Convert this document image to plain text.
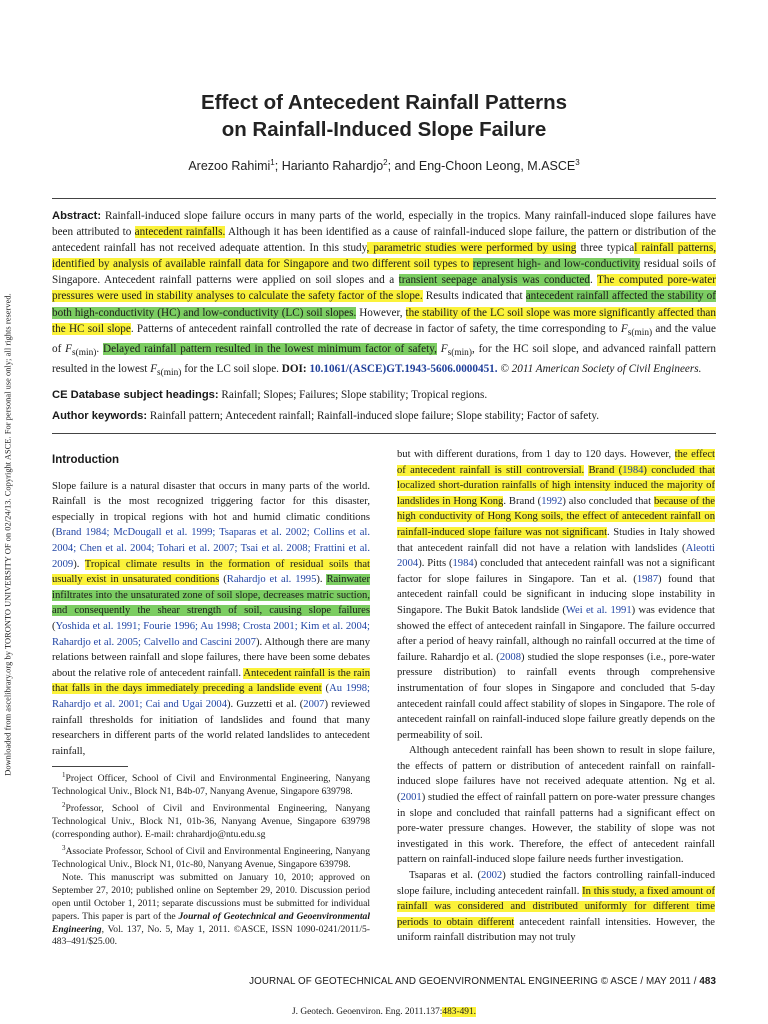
Downloaded from ascelibrary.org by TORONTO UNIVERSITY OF on 02/24/13. Copyright ASCE. For personal use only; all rights reserved.
Effect of Antecedent Rainfall Patterns
on Rainfall-Induced Slope Failure
Arezoo Rahimi$^1$; Harianto Rahardjo$^2$; and Eng-Choon Leong, M.ASCE$^3$
Abstract: Rainfall-induced slope failure occurs in many parts of the world, especially in the tropics. Many rainfall-induced slope failures have been attributed to antecedent rainfalls. Although it has been identified as a cause of rainfall-induced slope failure, the pattern or distribution of the antecedent rainfall has not received adequate attention. In this study, parametric studies were performed by using three typical rainfall patterns, identified by analysis of available rainfall data for Singapore and two different soil types to represent high- and low-conductivity residual soils of Singapore. Antecedent rainfall patterns were applied on soil slopes and a transient seepage analysis was conducted. The computed pore-water pressures were used in stability analyses to calculate the safety factor of the slope. Results indicated that antecedent rainfall affected the stability of both high-conductivity (HC) and low-conductivity (LC) soil slopes. However, the stability of the LC soil slope was more significantly affected than the HC soil slope. Patterns of antecedent rainfall controlled the rate of decrease in factor of safety, the time corresponding to $F_{s(min)}$ and the value of $F_{s(min)}$. Delayed rainfall pattern resulted in the lowest minimum factor of safety, $F_{s(min)}$, for the HC soil slope, and advanced rainfall pattern resulted in the lowest $F_{s(min)}$ for the LC soil slope. DOI: 10.1061/(ASCE)GT.1943-5606.0000451. © 2011 American Society of Civil Engineers.
CE Database subject headings: Rainfall; Slopes; Failures; Slope stability; Tropical regions.
Author keywords: Rainfall pattern; Antecedent rainfall; Rainfall-induced slope failure; Slope stability; Factor of safety.

Introduction

Slope failure is a natural disaster that occurs in many parts of the world. Rainfall is the most recognized triggering factor for this disaster, especially in tropical regions with hot and humid climatic conditions (Brand 1984; McDougall et al. 1999; Tsaparas et al. 2002; Collins et al. 2004; Chen et al. 2004; Tohari et al. 2007; Tsai et al. 2008; Frattini et al. 2009). Tropical climate results in the formation of residual soils that usually exist in unsaturated conditions (Rahardjo et al. 1995). Rainwater infiltrates into the unsaturated zone of soil slope, decreases matric suction, and consequently the shear strength of soil, causing slope failures (Yoshida et al. 1991; Fourie 1996; Au 1998; Crosta 2001; Kim et al. 2004; Rahardjo et al. 2005; Calvello and Cascini 2007). Although there are many relations between rainfall and slope failures, there have been some debates about the relative role of antecedent rainfall. Antecedent rainfall is the rain that falls in the days immediately preceding a landslide event (Au 1998; Rahardjo et al. 2001; Cai and Ugai 2004). Guzzetti et al. (2007) reviewed rainfall thresholds for initiation of landslides and found that many researchers in different parts of the world related landslides to antecedent rainfall,

$^1$Project Officer, School of Civil and Environmental Engineering, Nanyang Technological Univ., Block N1, B4b-07, Nanyang Avenue, Singapore 639798.

$^2$Professor, School of Civil and Environmental Engineering, Nanyang Technological Univ., Block N1, 01b-36, Nanyang Avenue, Singapore 639798 (corresponding author). E-mail: chrahardjo@ntu.edu.sg

$^3$Associate Professor, School of Civil and Environmental Engineering, Nanyang Technological Univ., Block N1, 01c-80, Nanyang Avenue, Singapore 639798.

Note. This manuscript was submitted on January 10, 2010; approved on September 27, 2010; published online on September 29, 2010. Discussion period open until October 1, 2011; separate discussions must be submitted for individual papers. This paper is part of the Journal of Geotechnical and Geoenvironmental Engineering, Vol. 137, No. 5, May 1, 2011. ©ASCE, ISSN 1090-0241/2011/5-483–491/$25.00.

but with different durations, from 1 day to 120 days. However, the effect of antecedent rainfall is still controversial. Brand (1984) concluded that localized short-duration rainfalls of high intensity induced the majority of landslides in Hong Kong. Brand (1992) also concluded that because of the high conductivity of Hong Kong soils, the effect of antecedent rainfall on rainfall-induced slope failure was not significant. Studies in Italy showed that antecedent rainfall did not have a relation with landslides (Aleotti 2004). Pitts (1984) concluded that antecedent rainfall was not a significant factor for slope failures in Singapore. Tan et al. (1987) found that antecedent rainfall could be significant in inducing slope instability in Singapore. The Bukit Batok landslide (Wei et al. 1991) was evidence that showed the effect of antecedent rainfall in Singapore. The failure occurred after a period of heavy rainfall, although no rainfall occurred at the time of failure. Rahardjo et al. (2008) studied the slope responses (i.e., pore-water pressure distribution) to rainfall events through comprehensive instrumentation of four slopes in Singapore and concluded that 5-day antecedent rainfall could affect stability of slopes in Singapore. The role of antecedent rainfall on rainfall-induced slope failure greatly depends on the permeability of soil.

Although antecedent rainfall has been shown to result in slope failure, the effects of pattern or distribution of antecedent rainfall on rainfall-induced slope failures have not received adequate attention. Ng et al. (2001) studied the effect of rainfall pattern on pore-water pressure changes in slope and concluded that rainfall patterns had a significant effect on pore-water pressure changes. However, the stability of slope was not investigated in this work. Therefore, the effect of antecedent rainfall pattern on rainfall-induced slope failure needs further investigation.

Tsaparas et al. (2002) studied the factors controlling rainfall-induced slope failure, including antecedent rainfall. In this study, a fixed amount of rainfall was considered and distributed uniformly for different time periods to obtain different antecedent rainfall intensities. However, the uniform rainfall distribution may not truly

JOURNAL OF GEOTECHNICAL AND GEOENVIRONMENTAL ENGINEERING © ASCE / MAY 2011 / 483
J. Geotech. Geoenviron. Eng. 2011.137:483-491.
